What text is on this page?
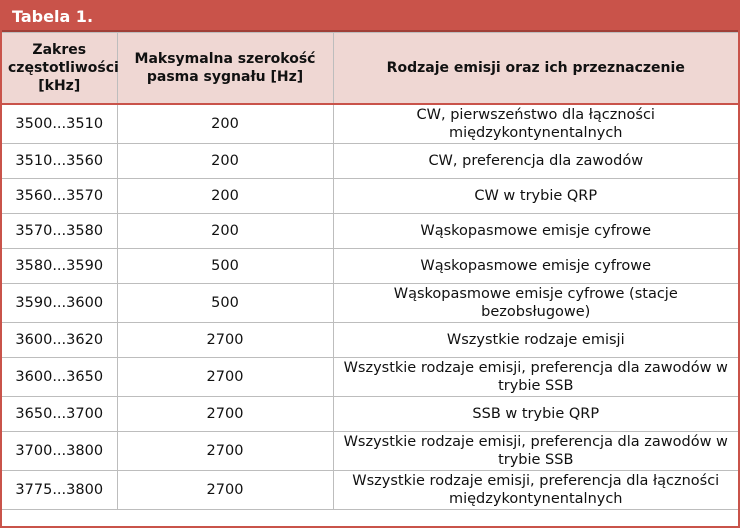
Tabela 1.
Zakres częstotliwości [kHz]	Maksymalna szerokość pasma sygnału [Hz]	Rodzaje emisji oraz ich przeznaczenie
3500...3510	200	CW, pierwszeństwo dla łączności międzykontynentalnych
3510...3560	200	CW, preferencja dla zawodów
3560...3570	200	CW w trybie QRP
3570...3580	200	Wąskopasmowe emisje cyfrowe
3580...3590	500	Wąskopasmowe emisje cyfrowe
3590...3600	500	Wąskopasmowe emisje cyfrowe (stacje bezobsługowe)
3600...3620	2700	Wszystkie rodzaje emisji
3600...3650	2700	Wszystkie rodzaje emisji, preferencja dla zawodów w trybie SSB
3650...3700	2700	SSB w trybie QRP
3700...3800	2700	Wszystkie rodzaje emisji, preferencja dla zawodów w trybie SSB
3775...3800	2700	Wszystkie rodzaje emisji, preferencja dla łączności międzykontynentalnych
